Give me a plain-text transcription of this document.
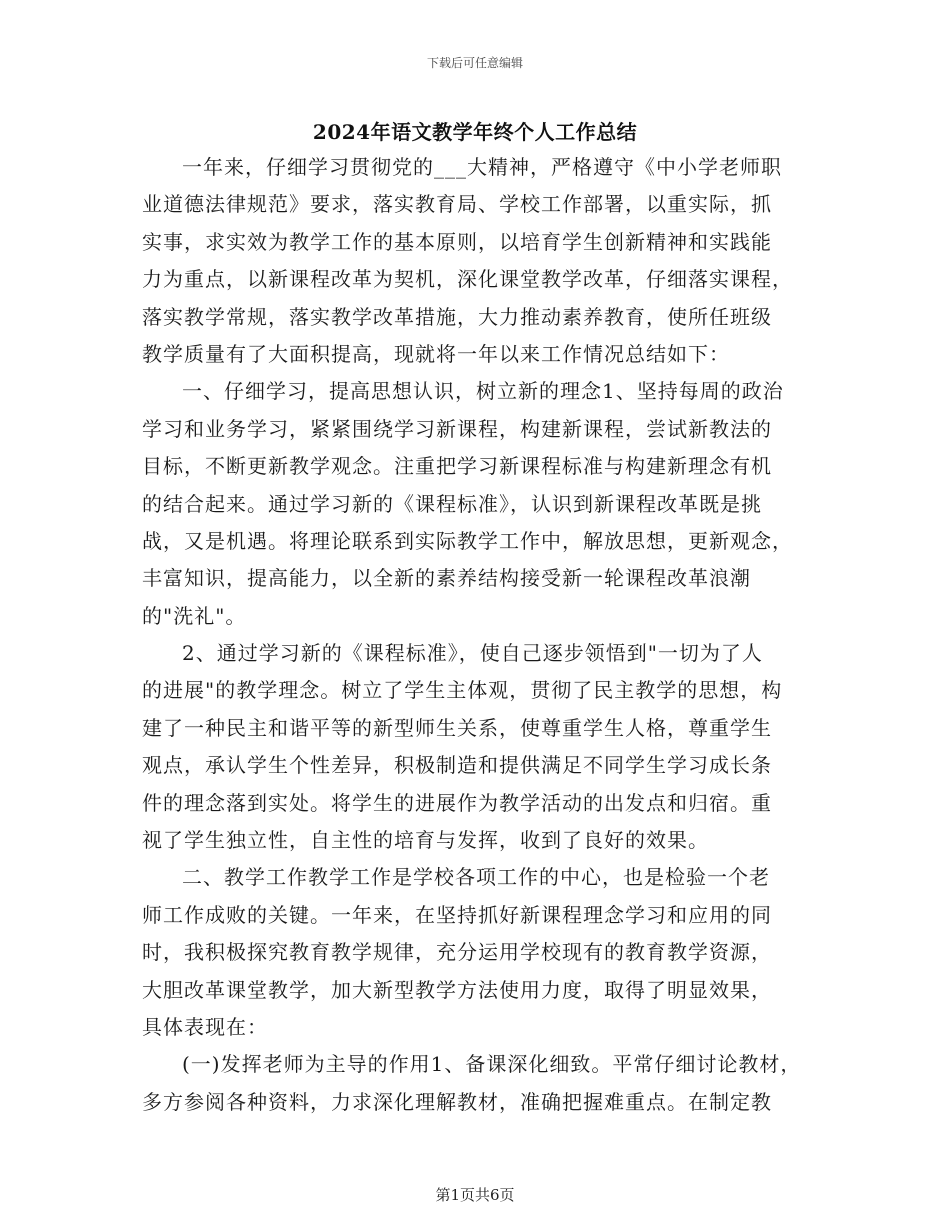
下载后可任意编辑
2024年语文教学年终个人工作总结
一年来，仔细学习贯彻党的___大精神，严格遵守《中小学老师职
业道德法律规范》要求，落实教育局、学校工作部署，以重实际，抓
实事，求实效为教学工作的基本原则，以培育学生创新精神和实践能
力为重点，以新课程改革为契机，深化课堂教学改革，仔细落实课程，
落实教学常规，落实教学改革措施，大力推动素养教育，使所任班级
教学质量有了大面积提高，现就将一年以来工作情况总结如下：
一、仔细学习，提高思想认识，树立新的理念1、坚持每周的政治
学习和业务学习，紧紧围绕学习新课程，构建新课程，尝试新教法的
目标，不断更新教学观念。注重把学习新课程标准与构建新理念有机
的结合起来。通过学习新的《课程标准》，认识到新课程改革既是挑
战，又是机遇。将理论联系到实际教学工作中，解放思想，更新观念，
丰富知识，提高能力，以全新的素养结构接受新一轮课程改革浪潮
的"洗礼"。
2、通过学习新的《课程标准》，使自己逐步领悟到"一切为了人
的进展"的教学理念。树立了学生主体观，贯彻了民主教学的思想，构
建了一种民主和谐平等的新型师生关系，使尊重学生人格，尊重学生
观点，承认学生个性差异，积极制造和提供满足不同学生学习成长条
件的理念落到实处。将学生的进展作为教学活动的出发点和归宿。重
视了学生独立性，自主性的培育与发挥，收到了良好的效果。
二、教学工作教学工作是学校各项工作的中心，也是检验一个老
师工作成败的关键。一年来，在坚持抓好新课程理念学习和应用的同
时，我积极探究教育教学规律，充分运用学校现有的教育教学资源，
大胆改革课堂教学，加大新型教学方法使用力度，取得了明显效果，
具体表现在：
(一)发挥老师为主导的作用1、备课深化细致。平常仔细讨论教材，
多方参阅各种资料，力求深化理解教材，准确把握难重点。在制定教
第1页共6页
